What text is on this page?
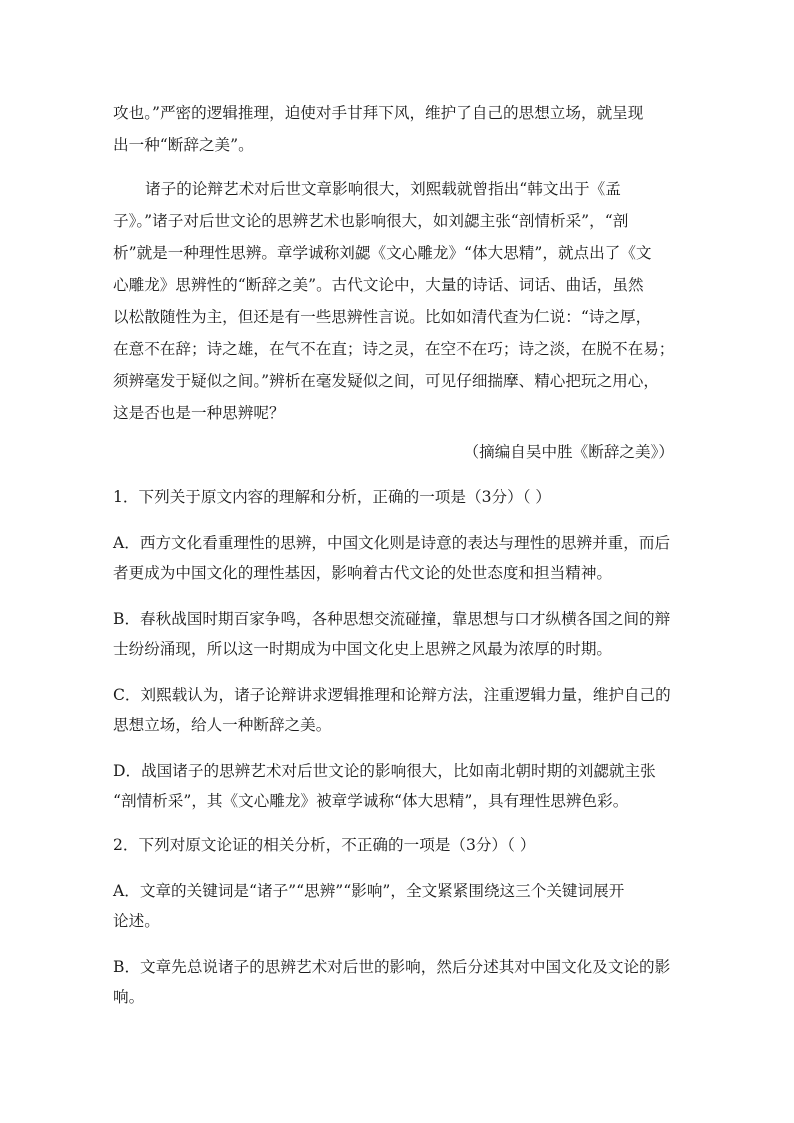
攻也。”严密的逻辑推理，迫使对手甘拜下风，维护了自己的思想立场，就呈现
出一种“断辞之美”。
诸子的论辩艺术对后世文章影响很大，刘熙载就曾指出“韩文出于《孟
子》。”诸子对后世文论的思辨艺术也影响很大，如刘勰主张“剖情析采”，“剖
析”就是一种理性思辨。章学诚称刘勰《文心雕龙》“体大思精”，就点出了《文
心雕龙》思辨性的“断辞之美”。古代文论中，大量的诗话、词话、曲话，虽然
以松散随性为主，但还是有一些思辨性言说。比如如清代查为仁说：“诗之厚，
在意不在辞；诗之雄，在气不在直；诗之灵，在空不在巧；诗之淡，在脱不在易；
须辨毫发于疑似之间。”辨析在毫发疑似之间，可见仔细揣摩、精心把玩之用心，
这是否也是一种思辨呢？
（摘编自吴中胜《断辞之美》）
1．下列关于原文内容的理解和分析，正确的一项是（3分）（ ）
A．西方文化看重理性的思辨，中国文化则是诗意的表达与理性的思辨并重，而后
者更成为中国文化的理性基因，影响着古代文论的处世态度和担当精神。
B．春秋战国时期百家争鸣，各种思想交流碰撞，靠思想与口才纵横各国之间的辩
士纷纷涌现，所以这一时期成为中国文化史上思辨之风最为浓厚的时期。
C．刘熙载认为，诸子论辩讲求逻辑推理和论辩方法，注重逻辑力量，维护自己的
思想立场，给人一种断辞之美。
D．战国诸子的思辨艺术对后世文论的影响很大，比如南北朝时期的刘勰就主张
“剖情析采”，其《文心雕龙》被章学诚称“体大思精”，具有理性思辨色彩。
2．下列对原文论证的相关分析，不正确的一项是（3分）（ ）
A．文章的关键词是“诸子”“思辨”“影响”，全文紧紧围绕这三个关键词展开
论述。
B．文章先总说诸子的思辨艺术对后世的影响，然后分述其对中国文化及文论的影
响。
